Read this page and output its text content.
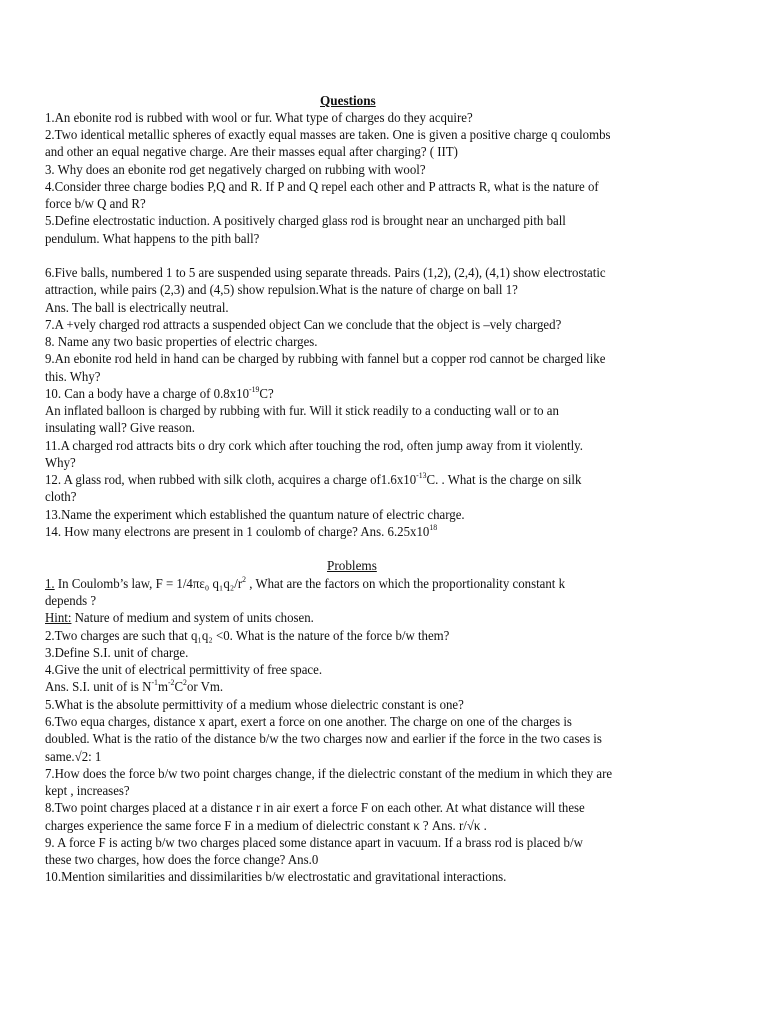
Questions
1.An ebonite rod is rubbed with wool or fur. What type of charges do they acquire?
2.Two identical metallic spheres of exactly equal masses are taken. One is given a positive charge q coulombs
and other an equal negative charge. Are their masses equal after charging? ( IIT)
3. Why does an ebonite rod get negatively charged on rubbing with wool?
4.Consider three charge bodies P,Q and R. If P and Q repel each other and P attracts R, what is the nature of
force b/w Q and R?
5.Define electrostatic induction. A positively charged glass rod is brought near an uncharged pith ball
pendulum. What happens to the pith ball?
6.Five balls, numbered 1 to 5 are suspended using separate threads. Pairs (1,2), (2,4), (4,1) show electrostatic
attraction, while pairs (2,3) and (4,5) show repulsion.What is the nature of charge on ball 1?
Ans. The ball is electrically neutral.
7.A +vely charged rod attracts a suspended object Can we conclude that the object is –vely charged?
8. Name any two basic properties of electric charges.
9.An ebonite rod held in hand can be charged by rubbing with fannel but a copper rod cannot be charged like
this. Why?
10. Can a body have a charge of $0.8x10^{-19}C$?
An inflated balloon is charged by rubbing with fur. Will it stick readily to a conducting wall or to an
insulating wall? Give reason.
11.A charged rod attracts bits o dry cork which after touching the rod, often jump away from it violently.
Why?
12. A glass rod, when rubbed with silk cloth, acquires a charge $of1.6x10^{-13}C$. . What is the charge on silk
cloth?
13.Name the experiment which established the quantum nature of electric charge.
14. How many electrons are present in 1 coulomb of charge? Ans. $6.25x10^{18}$
Problems
1. In Coulomb’s law, F = 1/4πε₀ q₁q₂/$r^2$ , What are the factors on which the proportionality constant k
depends ?
Hint: Nature of medium and system of units chosen.
2.Two charges are such that q₁q₂ <0. What is the nature of the force b/w them?
3.Define S.I. unit of charge.
4.Give the unit of electrical permittivity of free space.
Ans. S.I. unit of is $N^{-1}m^{-2}C^2or$ Vm.
5.What is the absolute permittivity of a medium whose dielectric constant is one?
6.Two equa charges, distance x apart, exert a force on one another. The charge on one of the charges is
doubled. What is the ratio of the distance b/w the two charges now and earlier if the force in the two cases is
same.√2: 1
7.How does the force b/w two point charges change, if the dielectric constant of the medium in which they are
kept , increases?
8.Two point charges placed at a distance r in air exert a force F on each other. At what distance will these
charges experience the same force F in a medium of dielectric constant κ ? Ans. r/√κ .
9. A force F is acting b/w two charges placed some distance apart in vacuum. If a brass rod is placed b/w
these two charges, how does the force change? Ans.0
10.Mention similarities and dissimilarities b/w electrostatic and gravitational interactions.
